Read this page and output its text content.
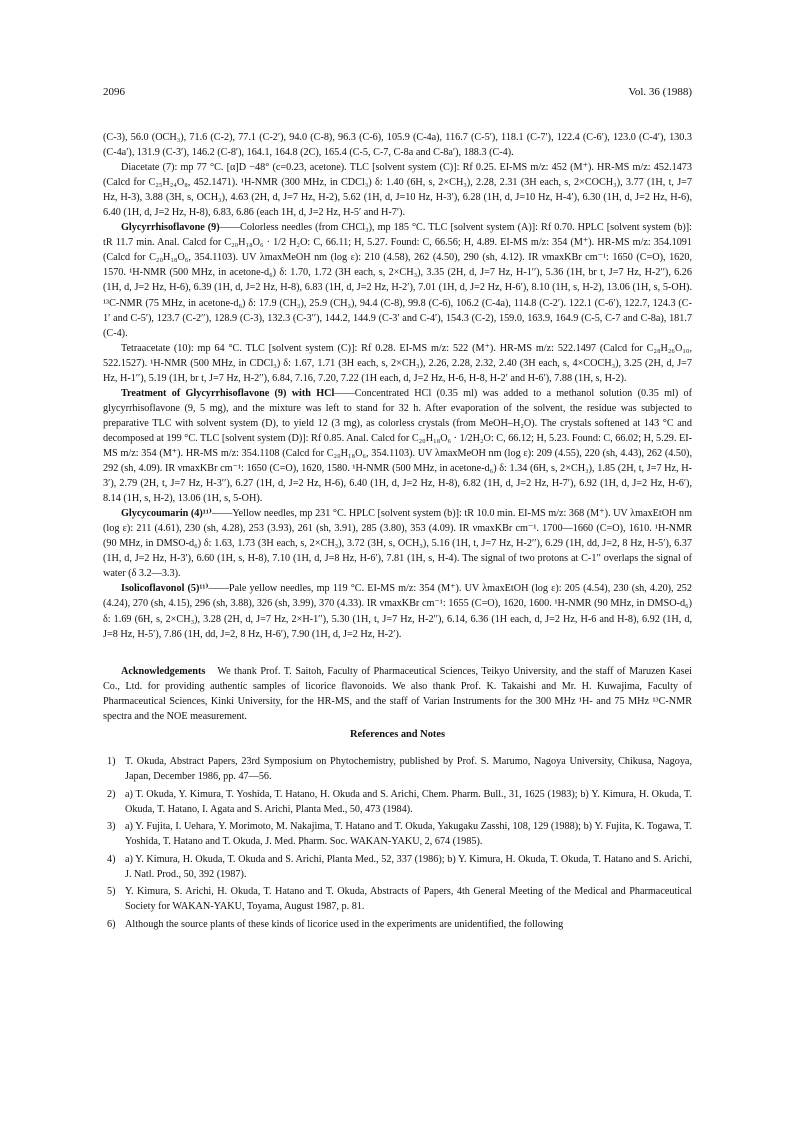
2096	Vol. 36 (1988)

(C-3), 56.0 (OCH₃), 71.6 (C-2), 77.1 (C-2′), 94.0 (C-8), 96.3 (C-6), 105.9 (C-4a), 116.7 (C-5′), 118.1 (C-7′), 122.4 (C-6′), 123.0 (C-4′), 130.3 (C-4a′), 131.9 (C-3′), 146.2 (C-8′), 164.1, 164.8 (2C), 165.4 (C-5, C-7, C-8a and C-8a′), 188.3 (C-4).

Diacetate (7): mp 77 °C. [α]D −48° (c=0.23, acetone). TLC [solvent system (C)]: Rf 0.25. EI-MS m/z: 452 (M⁺). HR-MS m/z: 452.1473 (Calcd for C₂₅H₂₄O₈, 452.1471). ¹H-NMR (300 MHz, in CDCl₃) δ: 1.40 (6H, s, 2×CH₃), 2.28, 2.31 (3H each, s, 2×COCH₃), 3.77 (1H, t, J=7 Hz, H-3), 3.88 (3H, s, OCH₃), 4.63 (2H, d, J=7 Hz, H-2), 5.62 (1H, d, J=10 Hz, H-3′), 6.28 (1H, d, J=10 Hz, H-4′), 6.30 (1H, d, J=2 Hz, H-6), 6.40 (1H, d, J=2 Hz, H-8), 6.83, 6.86 (each 1H, d, J=2 Hz, H-5′ and H-7′).

Glycyrrhisoflavone (9)——Colorless needles (from CHCl₃), mp 185 °C. TLC [solvent system (A)]: Rf 0.70. HPLC [solvent system (b)]: tR 11.7 min. Anal. Calcd for C₂₀H₁₈O₆ · 1/2 H₂O: C, 66.11; H, 5.27. Found: C, 66.56; H, 4.89. EI-MS m/z: 354 (M⁺). HR-MS m/z: 354.1091 (Calcd for C₂₀H₁₈O₆, 354.1103). UV λmaxMeOH nm (log ε): 210 (4.58), 262 (4.50), 290 (sh, 4.12). IR νmaxKBr cm⁻¹: 1650 (C=O), 1620, 1570. ¹H-NMR (500 MHz, in acetone-d₆) δ: 1.70, 1.72 (3H each, s, 2×CH₃), 3.35 (2H, d, J=7 Hz, H-1′′), 5.36 (1H, br t, J=7 Hz, H-2′′), 6.26 (1H, d, J=2 Hz, H-6), 6.39 (1H, d, J=2 Hz, H-8), 6.83 (1H, d, J=2 Hz, H-2′), 7.01 (1H, d, J=2 Hz, H-6′), 8.10 (1H, s, H-2), 13.06 (1H, s, 5-OH). ¹³C-NMR (75 MHz, in acetone-d₆) δ: 17.9 (CH₃), 25.9 (CH₃), 94.4 (C-8), 99.8 (C-6), 106.2 (C-4a), 114.8 (C-2′). 122.1 (C-6′), 122.7, 124.3 (C-1′ and C-5′), 123.7 (C-2′′), 128.9 (C-3), 132.3 (C-3′′), 144.2, 144.9 (C-3′ and C-4′), 154.3 (C-2), 159.0, 163.9, 164.9 (C-5, C-7 and C-8a), 181.7 (C-4).

Tetraacetate (10): mp 64 °C. TLC [solvent system (C)]: Rf 0.28. EI-MS m/z: 522 (M⁺). HR-MS m/z: 522.1497 (Calcd for C₂₈H₂₆O₁₀, 522.1527). ¹H-NMR (500 MHz, in CDCl₃) δ: 1.67, 1.71 (3H each, s, 2×CH₃), 2.26, 2.28, 2.32, 2.40 (3H each, s, 4×COCH₃), 3.25 (2H, d, J=7 Hz, H-1′′), 5.19 (1H, br t, J=7 Hz, H-2′′), 6.84, 7.16, 7.20, 7.22 (1H each, d, J=2 Hz, H-6, H-8, H-2′ and H-6′), 7.88 (1H, s, H-2).

Treatment of Glycyrrhisoflavone (9) with HCl——Concentrated HCl (0.35 ml) was added to a methanol solution (0.35 ml) of glycyrrhisoflavone (9, 5 mg), and the mixture was left to stand for 32 h. After evaporation of the solvent, the residue was subjected to preparative TLC with solvent system (D), to yield 12 (3 mg), as colorless crystals (from MeOH–H₂O). The crystals softened at 143 °C and decomposed at 199 °C. TLC [solvent system (D)]: Rf 0.85. Anal. Calcd for C₂₀H₁₈O₆ · 1/2H₂O: C, 66.12; H, 5.23. Found: C, 66.02; H, 5.29. EI-MS m/z: 354 (M⁺). HR-MS m/z: 354.1108 (Calcd for C₂₀H₁₈O₆, 354.1103). UV λmaxMeOH nm (log ε): 209 (4.55), 220 (sh, 4.43), 262 (4.50), 292 (sh, 4.09). IR νmaxKBr cm⁻¹: 1650 (C=O), 1620, 1580. ¹H-NMR (500 MHz, in acetone-d₆) δ: 1.34 (6H, s, 2×CH₃), 1.85 (2H, t, J=7 Hz, H-3′), 2.79 (2H, t, J=7 Hz, H-3′′), 6.27 (1H, d, J=2 Hz, H-6), 6.40 (1H, d, J=2 Hz, H-8), 6.82 (1H, d, J=2 Hz, H-7′), 6.92 (1H, d, J=2 Hz, H-6′), 8.14 (1H, s, H-2), 13.06 (1H, s, 5-OH).

Glycycoumarin (4)¹¹⁾——Yellow needles, mp 231 °C. HPLC [solvent system (b)]: tR 10.0 min. EI-MS m/z: 368 (M⁺). UV λmaxEtOH nm (log ε): 211 (4.61), 230 (sh, 4.28), 253 (3.93), 261 (sh, 3.91), 285 (3.80), 353 (4.09). IR νmaxKBr cm⁻¹. 1700—1660 (C=O), 1610. ¹H-NMR (90 MHz, in DMSO-d₆) δ: 1.63, 1.73 (3H each, s, 2×CH₃), 3.72 (3H, s, OCH₃), 5.16 (1H, t, J=7 Hz, H-2′′), 6.29 (1H, dd, J=2, 8 Hz, H-5′), 6.37 (1H, d, J=2 Hz, H-3′), 6.60 (1H, s, H-8), 7.10 (1H, d, J=8 Hz, H-6′), 7.81 (1H, s, H-4). The signal of two protons at C-1′′ overlaps the signal of water (δ 3.2—3.3).

Isolicoflavonol (5)¹¹⁾——Pale yellow needles, mp 119 °C. EI-MS m/z: 354 (M⁺). UV λmaxEtOH (log ε): 205 (4.54), 230 (sh, 4.20), 252 (4.24), 270 (sh, 4.15), 296 (sh, 3.88), 326 (sh, 3.99), 370 (4.33). IR νmaxKBr cm⁻¹: 1655 (C=O), 1620, 1600. ¹H-NMR (90 MHz, in DMSO-d₆) δ: 1.69 (6H, s, 2×CH₃), 3.28 (2H, d, J=7 Hz, 2×H-1′′), 5.30 (1H, t, J=7 Hz, H-2′′), 6.14, 6.36 (1H each, d, J=2 Hz, H-6 and H-8), 6.92 (1H, d, J=8 Hz, H-5′), 7.86 (1H, dd, J=2, 8 Hz, H-6′), 7.90 (1H, d, J=2 Hz, H-2′).

Acknowledgements We thank Prof. T. Saitoh, Faculty of Pharmaceutical Sciences, Teikyo University, and the staff of Maruzen Kasei Co., Ltd. for providing authentic samples of licorice flavonoids. We also thank Prof. K. Takaishi and Mr. H. Kuwajima, Faculty of Pharmaceutical Sciences, Kinki University, for the HR-MS, and the staff of Varian Instruments for the 300 MHz ¹H- and 75 MHz ¹³C-NMR spectra and the NOE measurement.

References and Notes
1) T. Okuda, Abstract Papers, 23rd Symposium on Phytochemistry, published by Prof. S. Marumo, Nagoya University, Chikusa, Nagoya, Japan, December 1986, pp. 47—56.
2) a) T. Okuda, Y. Kimura, T. Yoshida, T. Hatano, H. Okuda and S. Arichi, Chem. Pharm. Bull., 31, 1625 (1983); b) Y. Kimura, H. Okuda, T. Okuda, T. Hatano, I. Agata and S. Arichi, Planta Med., 50, 473 (1984).
3) a) Y. Fujita, I. Uehara, Y. Morimoto, M. Nakajima, T. Hatano and T. Okuda, Yakugaku Zasshi, 108, 129 (1988); b) Y. Fujita, K. Togawa, T. Yoshida, T. Hatano and T. Okuda, J. Med. Pharm. Soc. WAKAN-YAKU, 2, 674 (1985).
4) a) Y. Kimura, H. Okuda, T. Okuda and S. Arichi, Planta Med., 52, 337 (1986); b) Y. Kimura, H. Okuda, T. Okuda, T. Hatano and S. Arichi, J. Natl. Prod., 50, 392 (1987).
5) Y. Kimura, S. Arichi, H. Okuda, T. Hatano and T. Okuda, Abstracts of Papers, 4th General Meeting of the Medical and Pharmaceutical Society for WAKAN-YAKU, Toyama, August 1987, p. 81.
6) Although the source plants of these kinds of licorice used in the experiments are unidentified, the following
